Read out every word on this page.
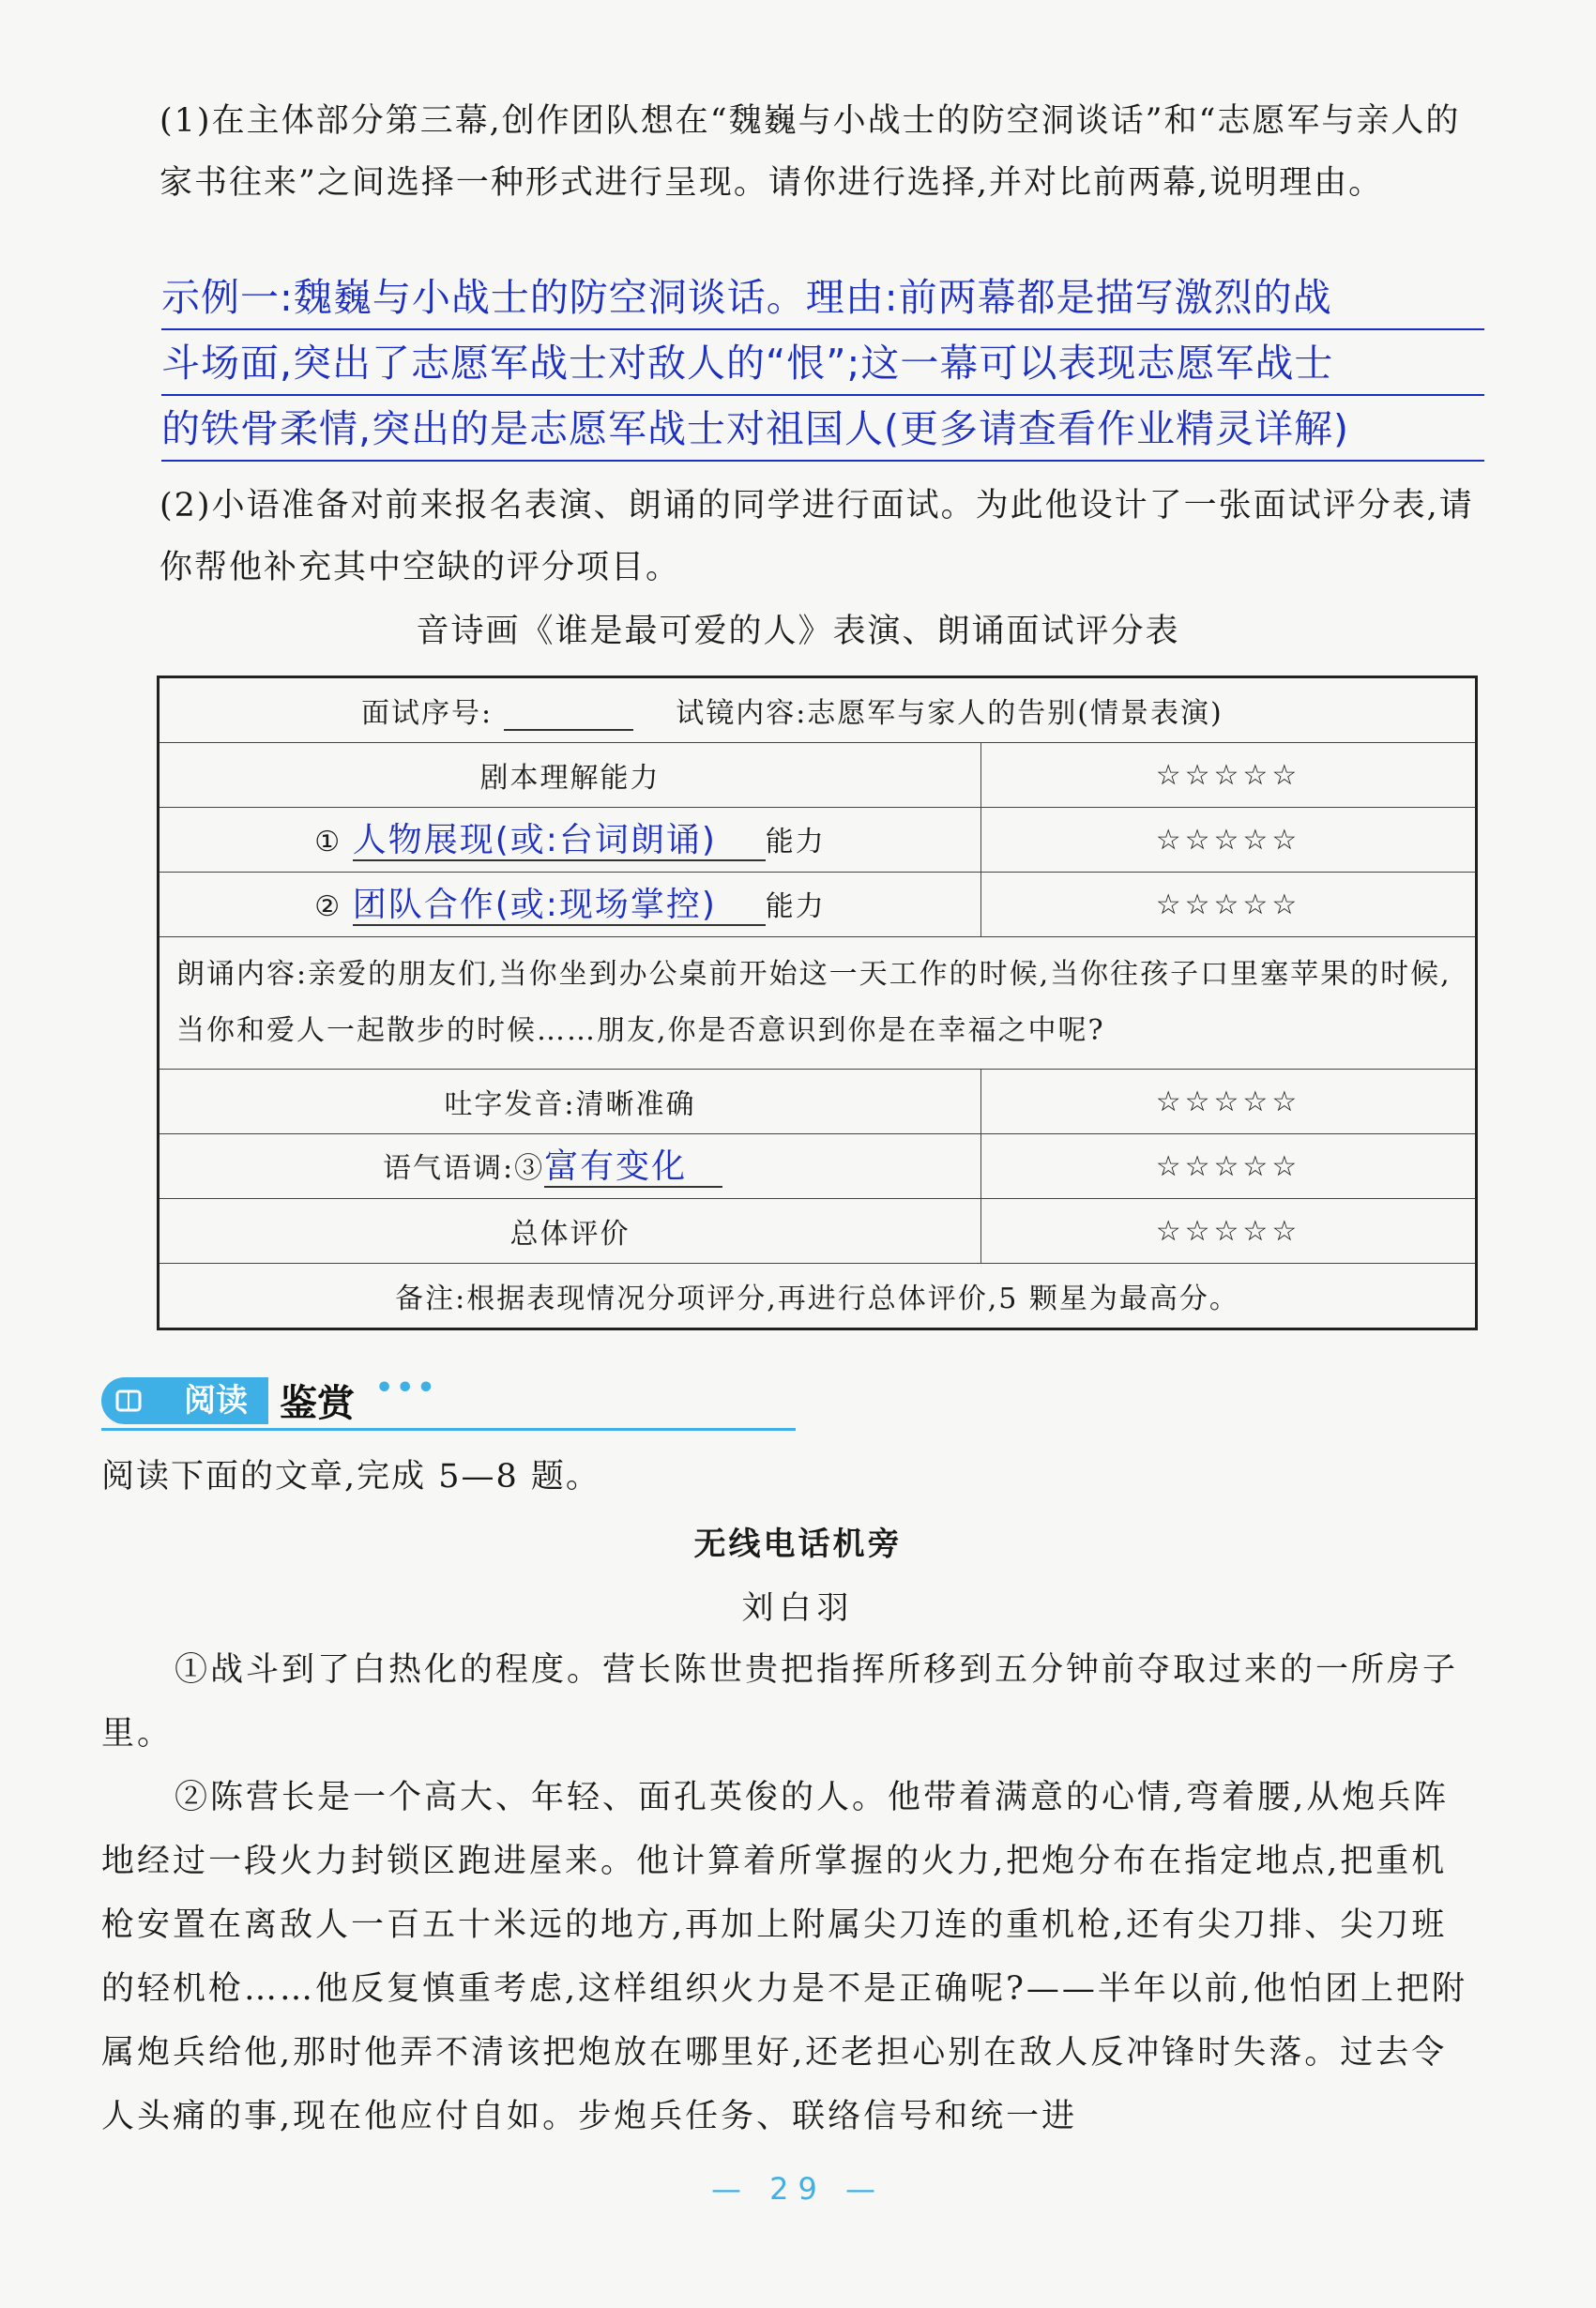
(1)在主体部分第三幕,创作团队想在“魏巍与小战士的防空洞谈话”和“志愿军与亲人的家书往来”之间选择一种形式进行呈现。请你进行选择,并对比前两幕,说明理由。
示例一:魏巍与小战士的防空洞谈话。理由:前两幕都是描写激烈的战
斗场面,突出了志愿军战士对敌人的“恨”;这一幕可以表现志愿军战士
的铁骨柔情,突出的是志愿军战士对祖国人(更多请查看作业精灵详解)
(2)小语准备对前来报名表演、朗诵的同学进行面试。为此他设计了一张面试评分表,请你帮他补充其中空缺的评分项目。
音诗画《谁是最可爱的人》表演、朗诵面试评分表
面试序号: 试镜内容:志愿军与家人的告别(情景表演)	
剧本理解能力	☆☆☆☆☆
① 人物展现(或:台词朗诵) 能力	☆☆☆☆☆
② 团队合作(或:现场掌控) 能力	☆☆☆☆☆
朗诵内容:亲爱的朋友们,当你坐到办公桌前开始这一天工作的时候,当你往孩子口里塞苹果的时候,当你和爱人一起散步的时候……朋友,你是否意识到你是在幸福之中呢?	
吐字发音:清晰准确	☆☆☆☆☆
语气语调:③富有变化	☆☆☆☆☆
总体评价	☆☆☆☆☆
备注:根据表现情况分项评分,再进行总体评价,5 颗星为最高分。	
阅读 鉴赏 •••
阅读下面的文章,完成 5—8 题。
无线电话机旁
刘白羽
①战斗到了白热化的程度。营长陈世贵把指挥所移到五分钟前夺取过来的一所房子里。
②陈营长是一个高大、年轻、面孔英俊的人。他带着满意的心情,弯着腰,从炮兵阵地经过一段火力封锁区跑进屋来。他计算着所掌握的火力,把炮分布在指定地点,把重机枪安置在离敌人一百五十米远的地方,再加上附属尖刀连的重机枪,还有尖刀排、尖刀班的轻机枪……他反复慎重考虑,这样组织火力是不是正确呢?——半年以前,他怕团上把附属炮兵给他,那时他弄不清该把炮放在哪里好,还老担心别在敌人反冲锋时失落。过去令人头痛的事,现在他应付自如。步炮兵任务、联络信号和统一进
— 29 —
